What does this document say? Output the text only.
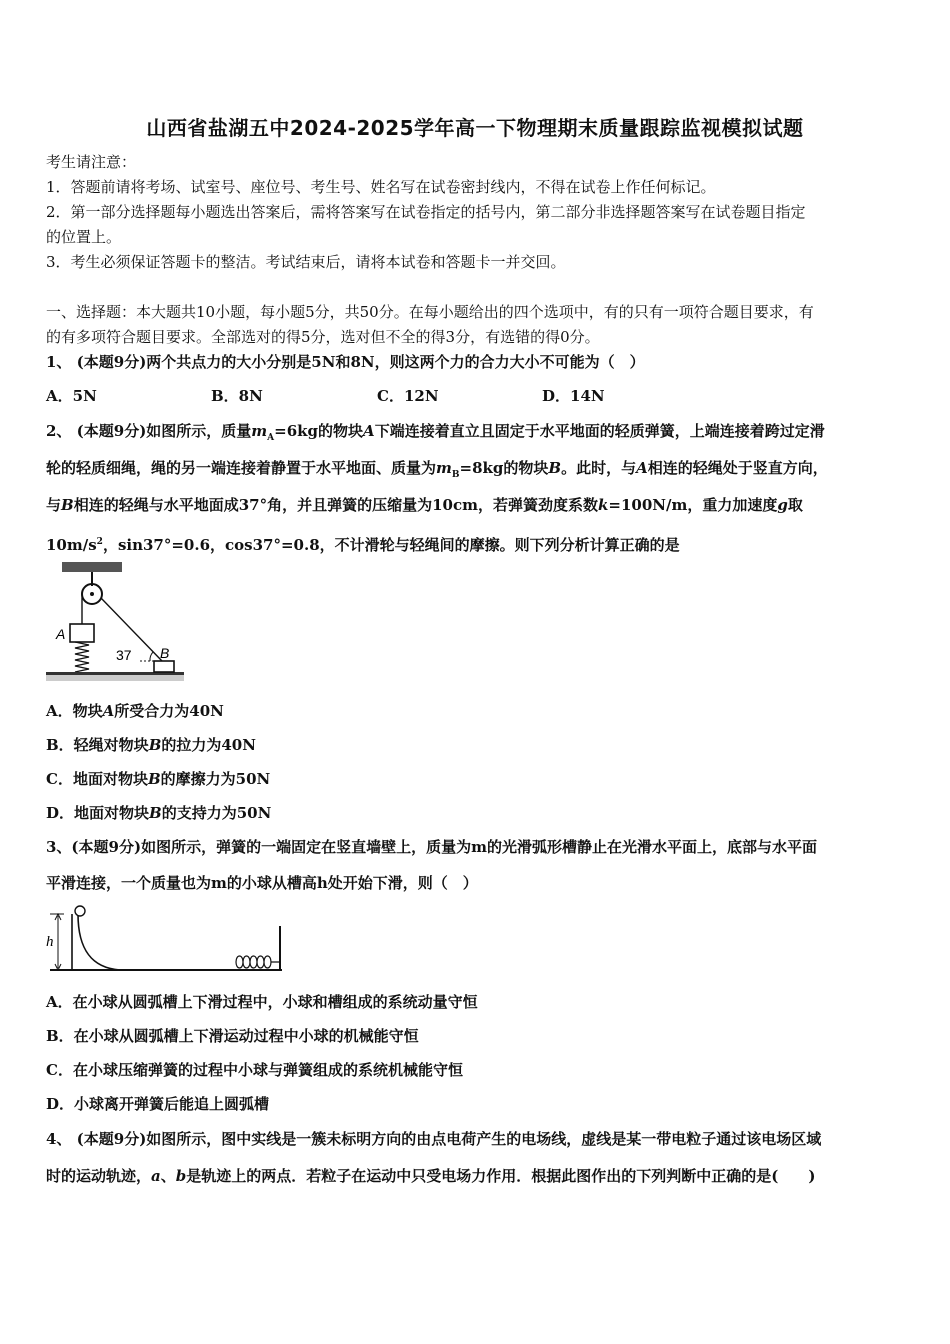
山西省盐湖五中2024-2025学年高一下物理期末质量跟踪监视模拟试题
考生请注意：
1．答题前请将考场、试室号、座位号、考生号、姓名写在试卷密封线内，不得在试卷上作任何标记。
2．第一部分选择题每小题选出答案后，需将答案写在试卷指定的括号内，第二部分非选择题答案写在试卷题目指定
的位置上。
3．考生必须保证答题卡的整洁。考试结束后，请将本试卷和答题卡一并交回。
一、选择题：本大题共10小题，每小题5分，共50分。在每小题给出的四个选项中，有的只有一项符合题目要求，有
的有多项符合题目要求。全部选对的得5分，选对但不全的得3分，有选错的得0分。
1、 (本题9分)两个共点力的大小分别是5N和8N，则这两个力的合力大小不可能为（　）
A．5N	B．8N	C．12N	D．14N
2、 (本题9分)如图所示，质量$m_A=6kg$的物块A下端连接着直立且固定于水平地面的轻质弹簧，上端连接着跨过定滑
轮的轻质细绳，绳的另一端连接着静置于水平地面、质量为$m_B=8kg$的物块B。此时，与A相连的轻绳处于竖直方向，
与B相连的轻绳与水平地面成37°角，并且弹簧的压缩量为10cm，若弹簧劲度系数k=100N/m，重力加速度g取
$10m/s^2$，sin37°=0.6，cos37°=0.8，不计滑轮与轻绳间的摩擦。则下列分析计算正确的是
A
B
37
A．物块A所受合力为40N
B．轻绳对物块B的拉力为40N
C．地面对物块B的摩擦力为50N
D．地面对物块B的支持力为50N
3、(本题9分)如图所示，弹簧的一端固定在竖直墙壁上，质量为m的光滑弧形槽静止在光滑水平面上，底部与水平面
平滑连接，一个质量也为m的小球从槽高h处开始下滑，则（　）
h
A．在小球从圆弧槽上下滑过程中，小球和槽组成的系统动量守恒
B．在小球从圆弧槽上下滑运动过程中小球的机械能守恒
C．在小球压缩弹簧的过程中小球与弹簧组成的系统机械能守恒
D．小球离开弹簧后能追上圆弧槽
4、 (本题9分)如图所示，图中实线是一簇未标明方向的由点电荷产生的电场线，虚线是某一带电粒子通过该电场区域
时的运动轨迹，a、b是轨迹上的两点．若粒子在运动中只受电场力作用．根据此图作出的下列判断中正确的是(　　)
